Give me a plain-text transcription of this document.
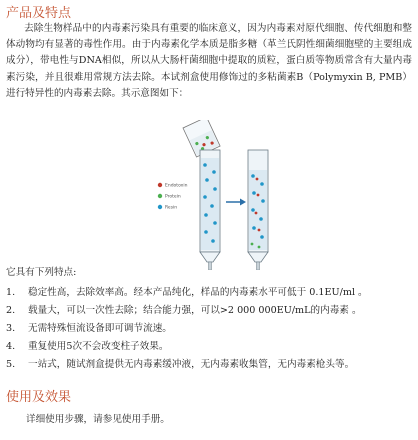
产品及特点

去除生物样品中的内毒素污染具有重要的临床意义，因为内毒素对原代细胞、传代细胞和整体动物均有显著的毒性作用。由于内毒素化学本质是脂多糖（革兰氏阴性细菌细胞壁的主要组成成分），带电性与DNA相似，所以从大肠杆菌细胞中提取的质粒，蛋白质等物质常含有大量内毒素污染，并且很难用常规方法去除。本试剂盒使用修饰过的多粘菌素B（Polymyxin B, PMB）进行特异性的内毒素去除。其示意图如下：

Endotoxin
Protein
Resin
它具有下列特点:
1.	稳定性高，去除效率高。经本产品纯化，样品的内毒素水平可低于 0.1EU/ml 。
2.	载量大，可以一次性去除；结合能力强，可以>2 000 000EU/mL的内毒素 。
3.	无需特殊恒流设备即可调节流速。
4.	重复使用5次不会改变柱子效果。
5.	一站式，随试剂盒提供无内毒素缓冲液，无内毒素收集管，无内毒素枪头等。
使用及效果
详细使用步骤，请参见使用手册。
